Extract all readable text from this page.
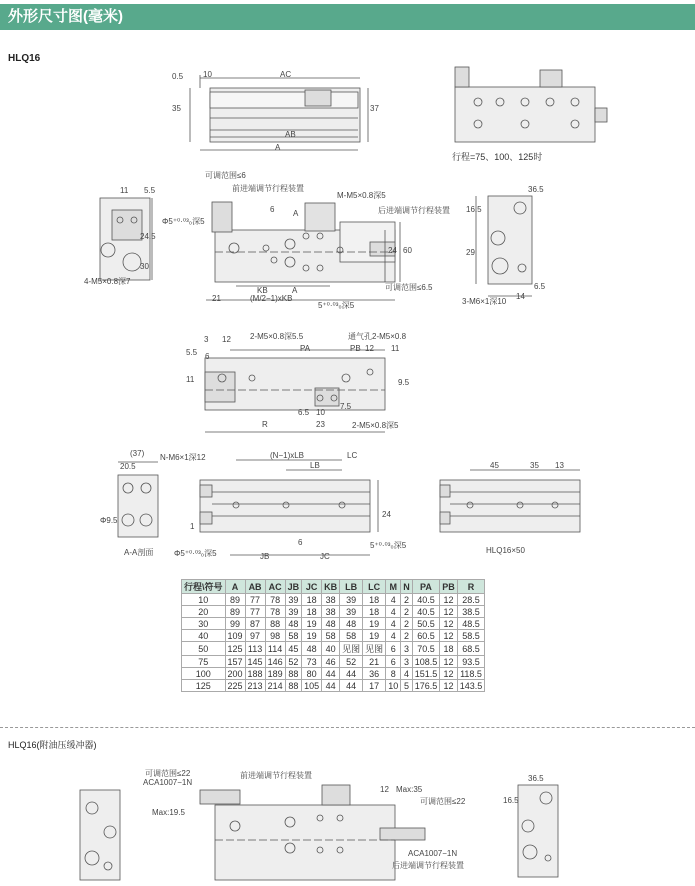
外形尺寸图(毫米)
HLQ16
行程=75、100、125时
0.5
35
10	AC
37
AB
A
可调范围≤6
前进端调节行程装置
M-M5×0.8深5
后进端调节行程装置
Φ5⁺⁰·⁰³₀深5
6 A
KB	A
21	(M/2−1)xKB
可调范围≤6.5
24 60
5⁺⁰·⁰³₀深5
11 5.5
24.5
30
4-M5×0.8深7
36.5
16.5
29
6.5
14
3-M6×1深10
3 12 2-M5×0.8深5.5	通气孔2-M5×0.8
5.5 6
PA	PB 12 11
11	9.5
7.5
6.5 10
R	23	2-M5×0.8深5
(37)
20.5
N-M6×1深12
Φ9.5
A-A剖面
(N−1)xLB
LB
LC
1
6
JB	JC
24
Φ5⁺⁰·⁰³₀深5
5⁺⁰·⁰³₀深5
45	35 13
HLQ16×50
行程\符号	A	AB	AC	JB	JC	KB	LB	LC	M	N	PA	PB	R
10	89	77	78	39	18	38	39	18	4	2	40.5	12	28.5
20	89	77	78	39	18	38	39	18	4	2	40.5	12	38.5
30	99	87	88	48	19	48	48	19	4	2	50.5	12	48.5
40	109	97	98	58	19	58	58	19	4	2	60.5	12	58.5
50	125	113	114	45	48	40	见图	见图	6	3	70.5	18	68.5
75	157	145	146	52	73	46	52	21	6	3	108.5	12	93.5
100	200	188	189	88	80	44	44	36	8	4	151.5	12	118.5
125	225	213	214	88	105	44	44	17	10	5	176.5	12	143.5
HLQ16(附油压缓冲器)
可调范围≤22
ACA1007−1N
前进端调节行程装置
Max:19.5
12 Max:35
可调范围≤22
ACA1007−1N
后进端调节行程装置
36.5
16.5
